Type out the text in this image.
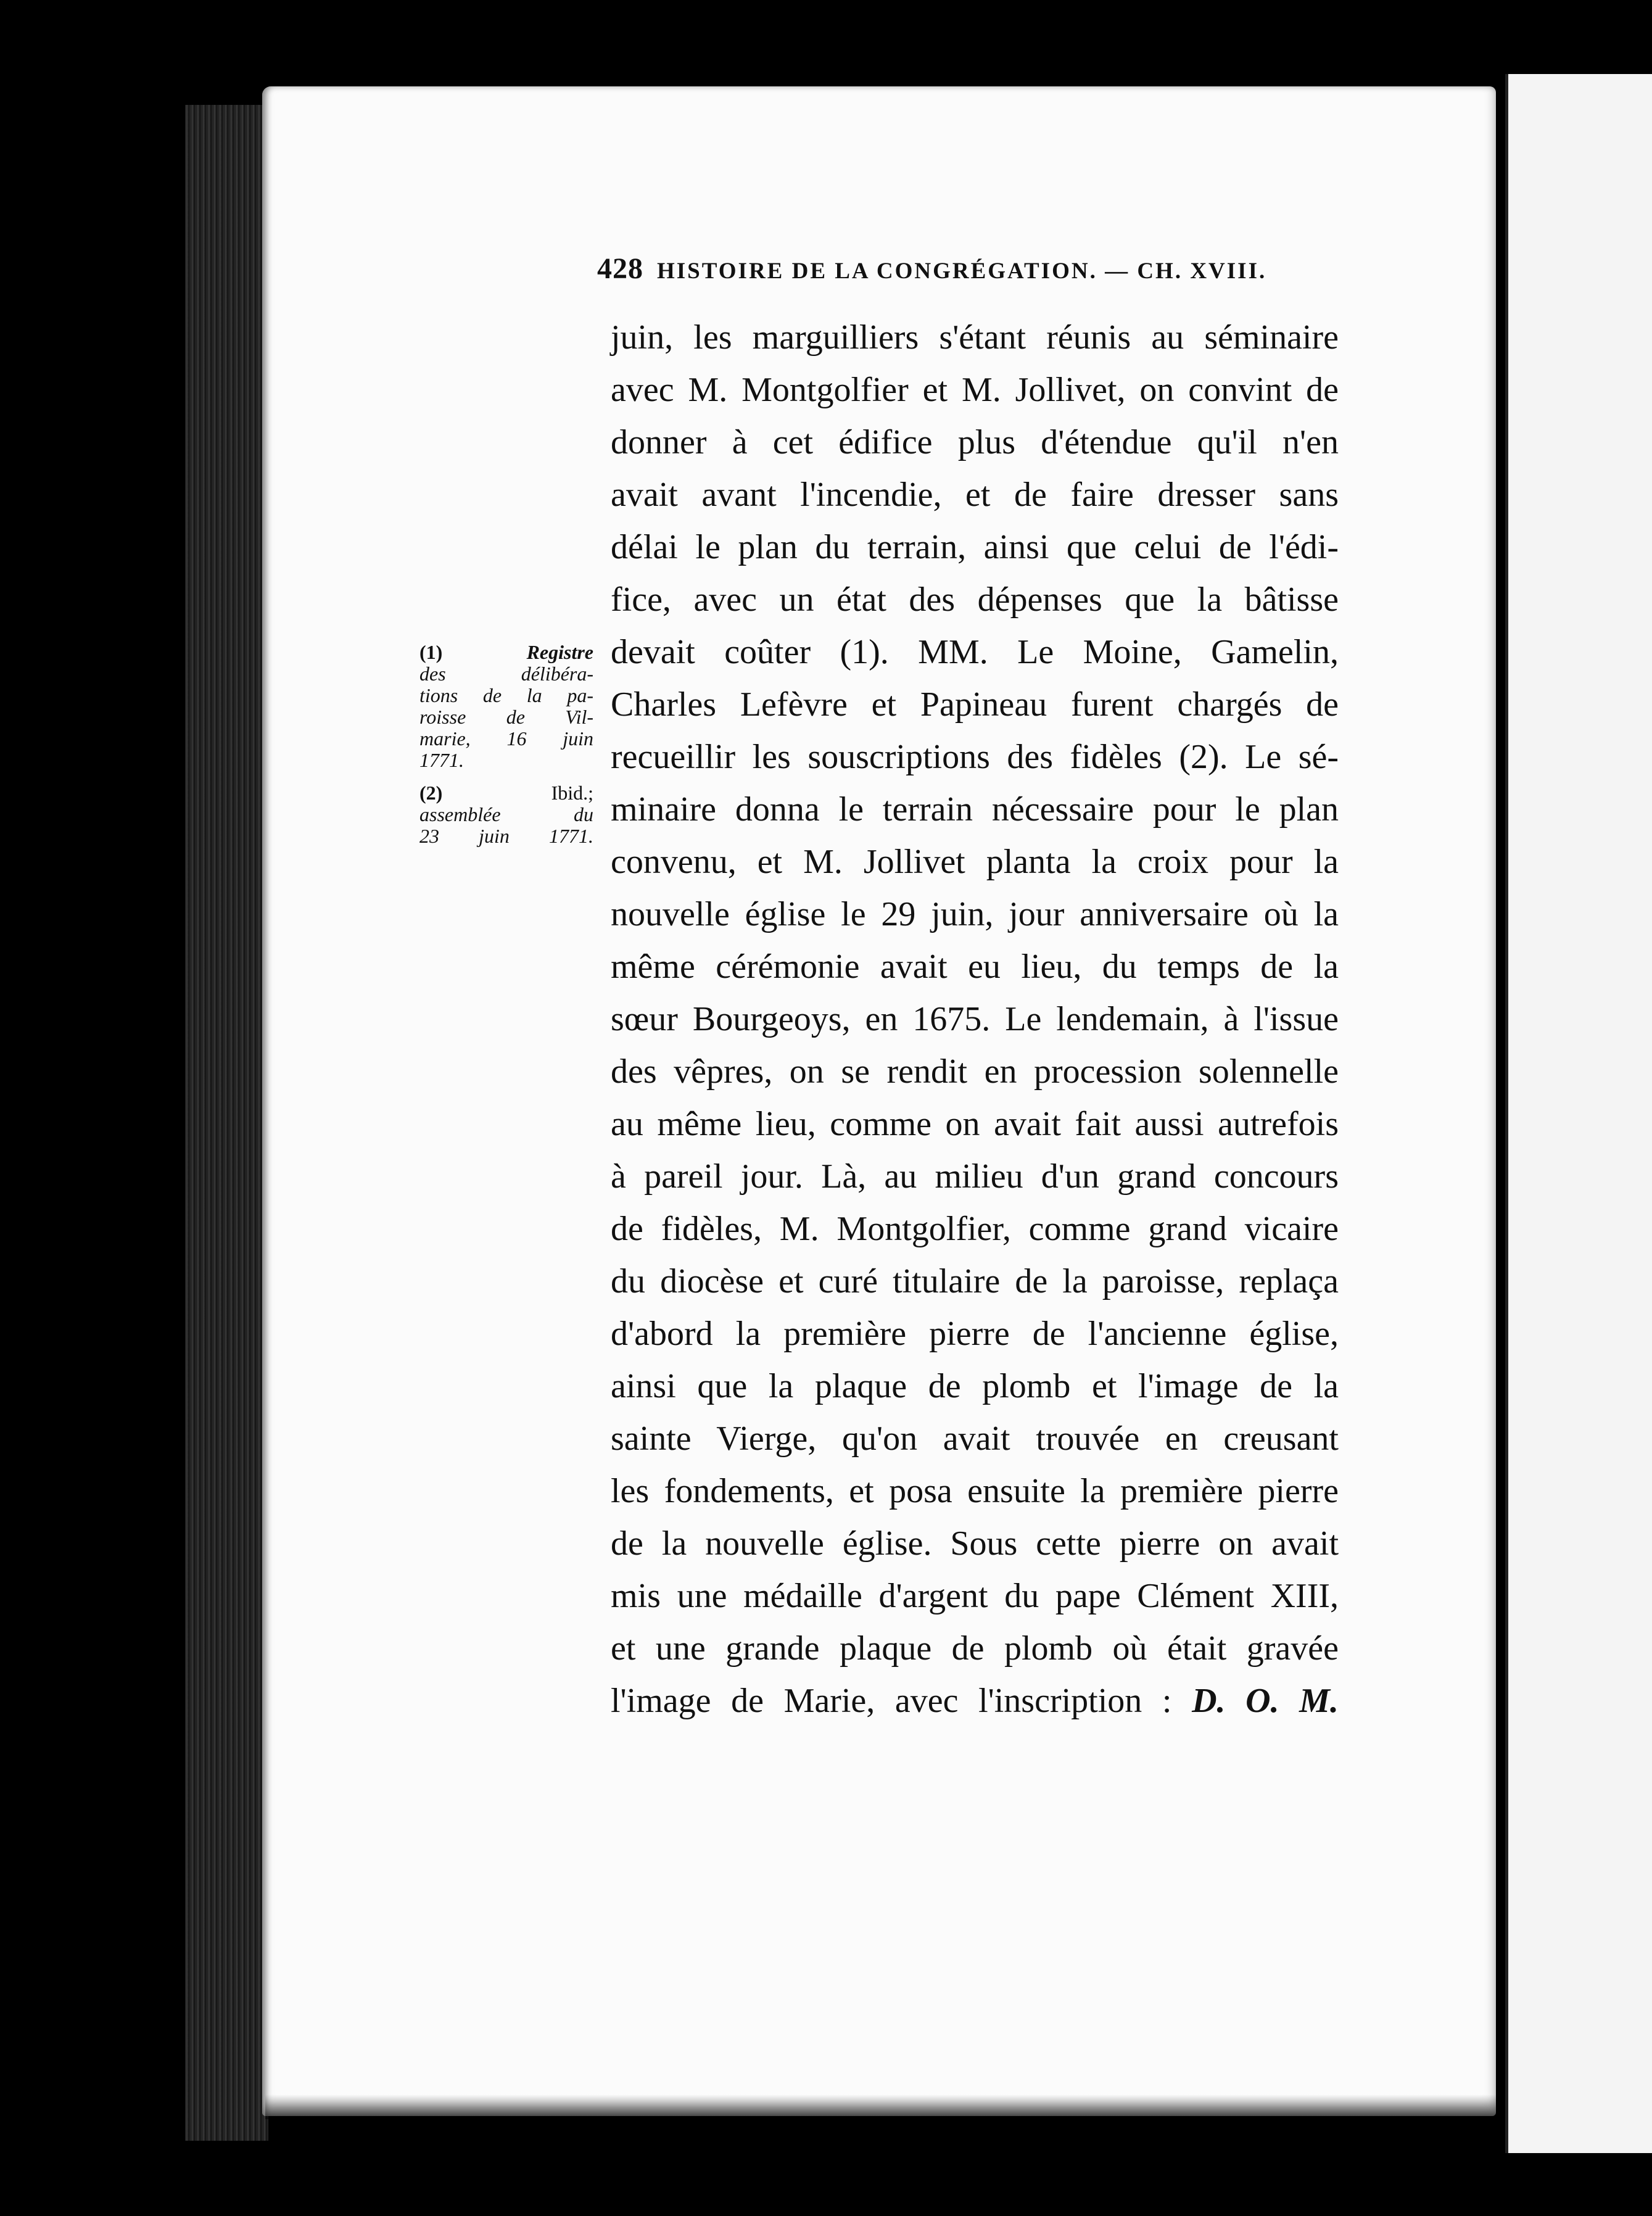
428 HISTOIRE DE LA CONGRÉGATION. — CH. XVIII.
(1)	Registre
des délibéra-
tions de la pa-
roisse de Vil-
marie, 16 juin
1771.
(2)	Ibid.;
assemblée du
23 juin 1771.
juin, les marguilliers s'étant réunis au séminaire
avec M. Montgolfier et M. Jollivet, on convint de
donner à cet édifice plus d'étendue qu'il n'en
avait avant l'incendie, et de faire dresser sans
délai le plan du terrain, ainsi que celui de l'édi-
fice, avec un état des dépenses que la bâtisse
devait coûter (1). MM. Le Moine, Gamelin,
Charles Lefèvre et Papineau furent chargés de
recueillir les souscriptions des fidèles (2). Le sé-
minaire donna le terrain nécessaire pour le plan
convenu, et M. Jollivet planta la croix pour la
nouvelle église le 29 juin, jour anniversaire où la
même cérémonie avait eu lieu, du temps de la
sœur Bourgeoys, en 1675. Le lendemain, à l'issue
des vêpres, on se rendit en procession solennelle
au même lieu, comme on avait fait aussi autrefois
à pareil jour. Là, au milieu d'un grand concours
de fidèles, M. Montgolfier, comme grand vicaire
du diocèse et curé titulaire de la paroisse, replaça
d'abord la première pierre de l'ancienne église,
ainsi que la plaque de plomb et l'image de la
sainte Vierge, qu'on avait trouvée en creusant
les fondements, et posa ensuite la première pierre
de la nouvelle église. Sous cette pierre on avait
mis une médaille d'argent du pape Clément XIII,
et une grande plaque de plomb où était gravée
l'image de Marie, avec l'inscription : D. O. M.
